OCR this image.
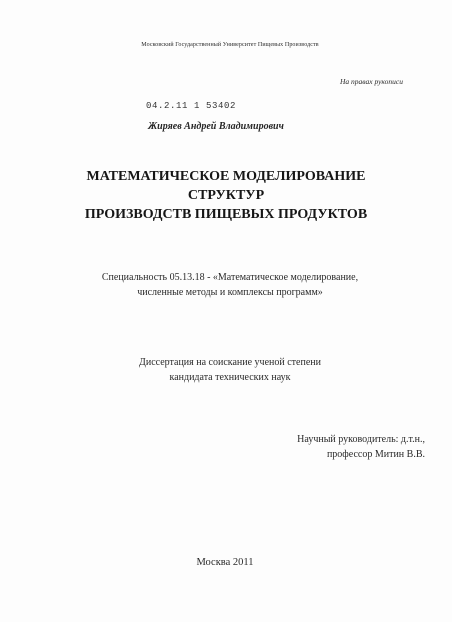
Московский Государственный Университет Пищевых Производств
На правах рукописи
04.2.11 1 53402
Жиряев Андрей Владимирович
МАТЕМАТИЧЕСКОЕ МОДЕЛИРОВАНИЕ
СТРУКТУР
ПРОИЗВОДСТВ ПИЩЕВЫХ ПРОДУКТОВ
Специальность 05.13.18 - «Математическое моделирование,
численные методы и комплексы программ»
Диссертация на соискание ученой степени
кандидата технических наук
Научный руководитель: д.т.н.,
профессор Митин В.В.
Москва 2011
